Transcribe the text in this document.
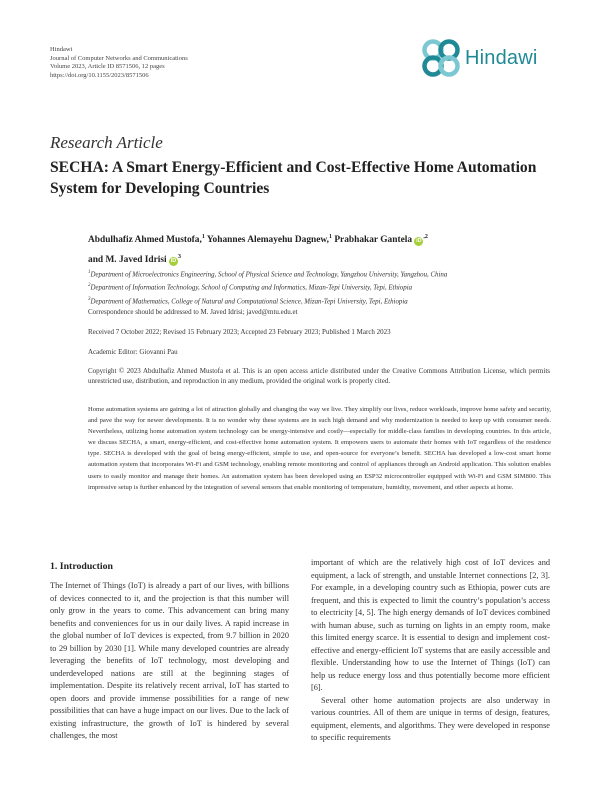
Hindawi
Journal of Computer Networks and Communications
Volume 2023, Article ID 8571506, 12 pages
https://doi.org/10.1155/2023/8571506
Hindawi
Research Article
SECHA: A Smart Energy-Efficient and Cost-Effective Home Automation System for Developing Countries
Abdulhafiz Ahmed Mustofa,$^1$ Yohannes Alemayehu Dagnew,$^1$ Prabhakar Gantela $iD^{,2}$
and M. Javed Idrisi $iD^3$
$^1$Department of Microelectronics Engineering, School of Physical Science and Technology, Yangzhou University, Yangzhou, China
$^2$Department of Information Technology, School of Computing and Informatics, Mizan-Tepi University, Tepi, Ethiopia
$^3$Department of Mathematics, College of Natural and Computational Science, Mizan-Tepi University, Tepi, Ethiopia
Correspondence should be addressed to M. Javed Idrisi; javed@mtu.edu.et
Received 7 October 2022; Revised 15 February 2023; Accepted 23 February 2023; Published 1 March 2023
Academic Editor: Giovanni Pau
Copyright © 2023 Abdulhafiz Ahmed Mustofa et al. This is an open access article distributed under the Creative Commons Attribution License, which permits unrestricted use, distribution, and reproduction in any medium, provided the original work is properly cited.
Home automation systems are gaining a lot of attraction globally and changing the way we live. They simplify our lives, reduce workloads, improve home safety and security, and pave the way for newer developments. It is no wonder why these systems are in such high demand and why modernization is needed to keep up with consumer needs. Nevertheless, utilizing home automation system technology can be energy-intensive and costly—especially for middle-class families in developing countries. In this article, we discuss SECHA, a smart, energy-efficient, and cost-effective home automation system. It empowers users to automate their homes with IoT regardless of the residence type. SECHA is developed with the goal of being energy-efficient, simple to use, and open-source for everyone’s benefit. SECHA has developed a low-cost smart home automation system that incorporates Wi-Fi and GSM technology, enabling remote monitoring and control of appliances through an Android application. This solution enables users to easily monitor and manage their homes. An automation system has been developed using an ESP32 microcontroller equipped with Wi-Fi and GSM SIM800. This impressive setup is further enhanced by the integration of several sensors that enable monitoring of temperature, humidity, movement, and other aspects at home.
1. Introduction

The Internet of Things (IoT) is already a part of our lives, with billions of devices connected to it, and the projection is that this number will only grow in the years to come. This advancement can bring many benefits and conveniences for us in our daily lives. A rapid increase in the global number of IoT devices is expected, from 9.7 billion in 2020 to 29 billion by 2030 [1]. While many developed countries are already leveraging the benefits of IoT technology, most developing and underdeveloped nations are still at the beginning stages of implementation. Despite its relatively recent arrival, IoT has started to open doors and provide immense possibilities for a range of new possibilities that can have a huge impact on our lives. Due to the lack of existing infrastructure, the growth of IoT is hindered by several challenges, the most

important of which are the relatively high cost of IoT devices and equipment, a lack of strength, and unstable Internet connections [2, 3]. For example, in a developing country such as Ethiopia, power cuts are frequent, and this is expected to limit the country’s population’s access to electricity [4, 5]. The high energy demands of IoT devices combined with human abuse, such as turning on lights in an empty room, make this limited energy scarce. It is essential to design and implement cost-effective and energy-efficient IoT systems that are easily accessible and flexible. Understanding how to use the Internet of Things (IoT) can help us reduce energy loss and thus potentially become more efficient [6].

Several other home automation projects are also underway in various countries. All of them are unique in terms of design, features, equipment, elements, and algorithms. They were developed in response to specific requirements
